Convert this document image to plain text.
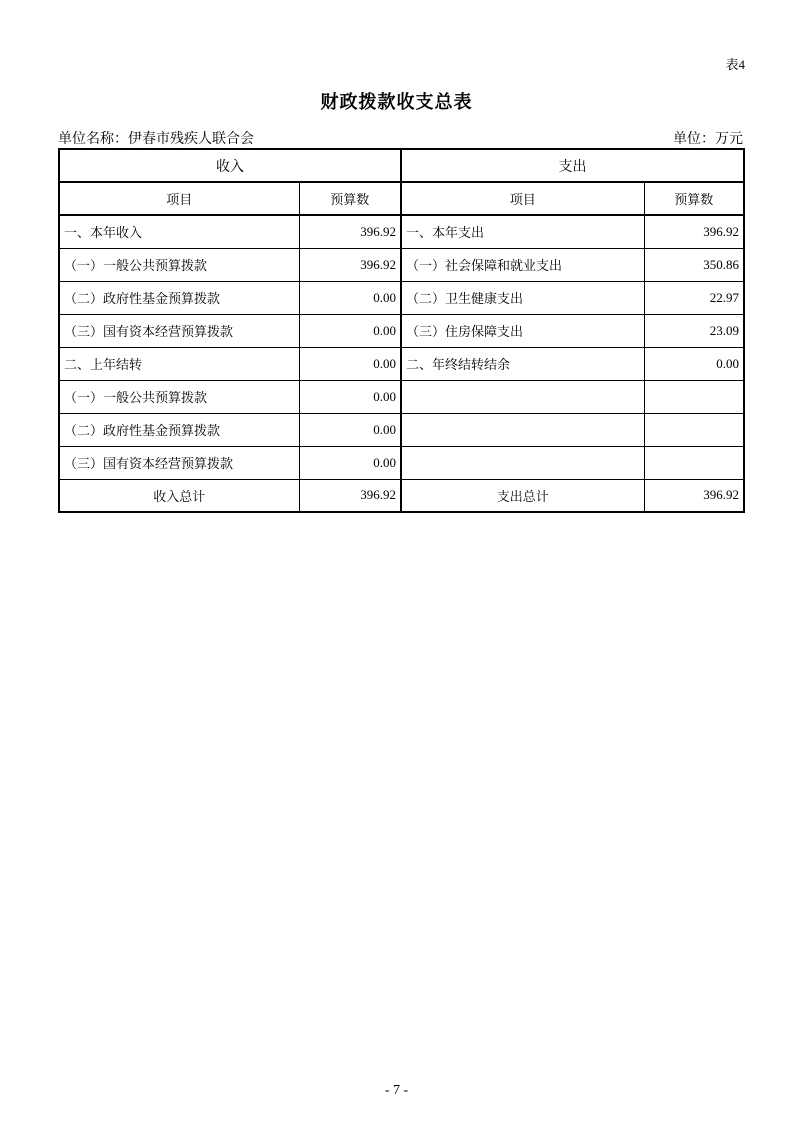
表4
财政拨款收支总表
单位名称：伊春市残疾人联合会	单位：万元
收入		支出	
项目	预算数	项目	预算数
一、本年收入	396.92	一、本年支出	396.92
（一）一般公共预算拨款	396.92	（一）社会保障和就业支出	350.86
（二）政府性基金预算拨款	0.00	（二）卫生健康支出	22.97
（三）国有资本经营预算拨款	0.00	（三）住房保障支出	23.09
二、上年结转	0.00	二、年终结转结余	0.00
（一）一般公共预算拨款	0.00		
（二）政府性基金预算拨款	0.00		
（三）国有资本经营预算拨款	0.00		
收入总计	396.92	支出总计	396.92
- 7 -
